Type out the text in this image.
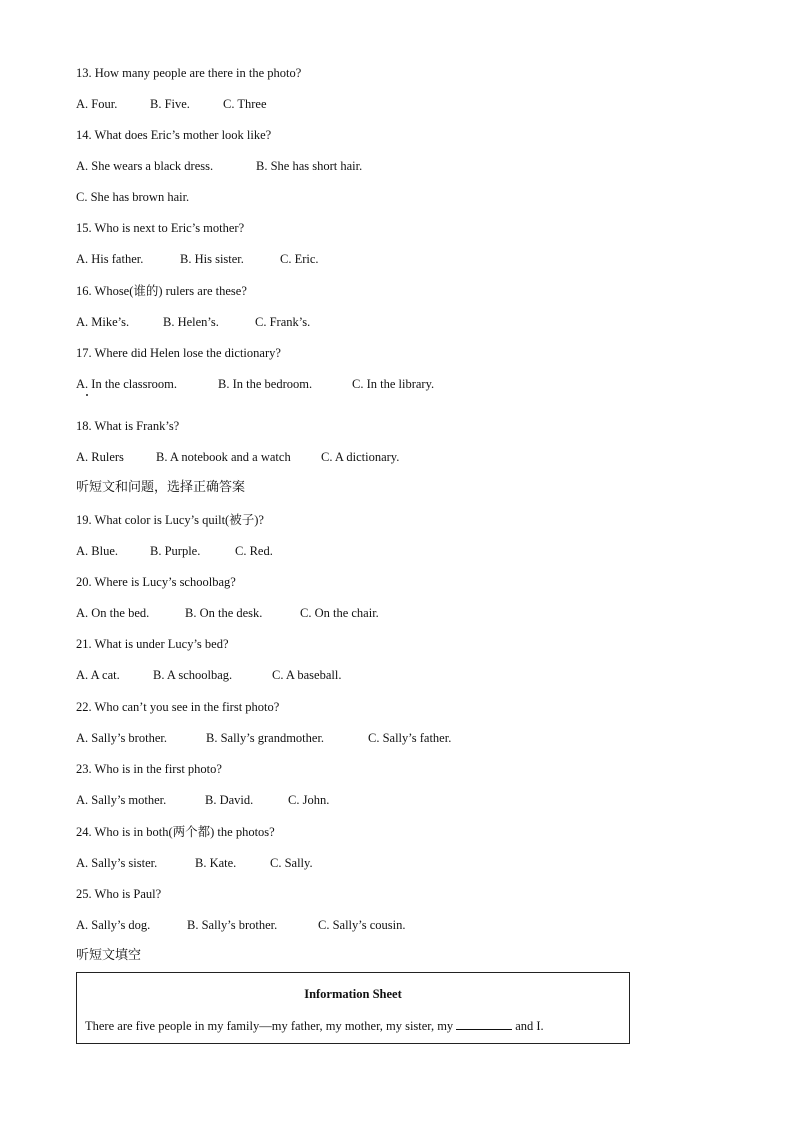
13. How many people are there in the photo?
A. Four.	B. Five.	C. Three
14. What does Eric’s mother look like?
A. She wears a black dress.	B. She has short hair.
C. She has brown hair.
15. Who is next to Eric’s mother?
A. His father.	B. His sister.	C. Eric.
16. Whose(谁的) rulers are these?
A. Mike’s.	B. Helen’s.	C. Frank’s.
17. Where did Helen lose the dictionary?
A. In the classroom.	B. In the bedroom.	C. In the library.
18. What is Frank’s?
A. Rulers	B. A notebook and a watch C. A dictionary.
听短文和问题，选择正确答案
19. What color is Lucy’s quilt(被子)?
A. Blue.	B. Purple.	C. Red.
20. Where is Lucy’s schoolbag?
A. On the bed.	B. On the desk.	C. On the chair.
21. What is under Lucy’s bed?
A. A cat.	B. A schoolbag.	C. A baseball.
22. Who can’t you see in the first photo?
A. Sally’s brother.	B. Sally’s grandmother.	C. Sally’s father.
23. Who is in the first photo?
A. Sally’s mother.	B. David.	C. John.
24. Who is in both(两个都) the photos?
A. Sally’s sister.	B. Kate.	C. Sally.
25. Who is Paul?
A. Sally’s dog.	B. Sally’s brother.	C. Sally’s cousin.
听短文填空
Information Sheet
There are five people in my family—my father, my mother, my sister, my	and I.
